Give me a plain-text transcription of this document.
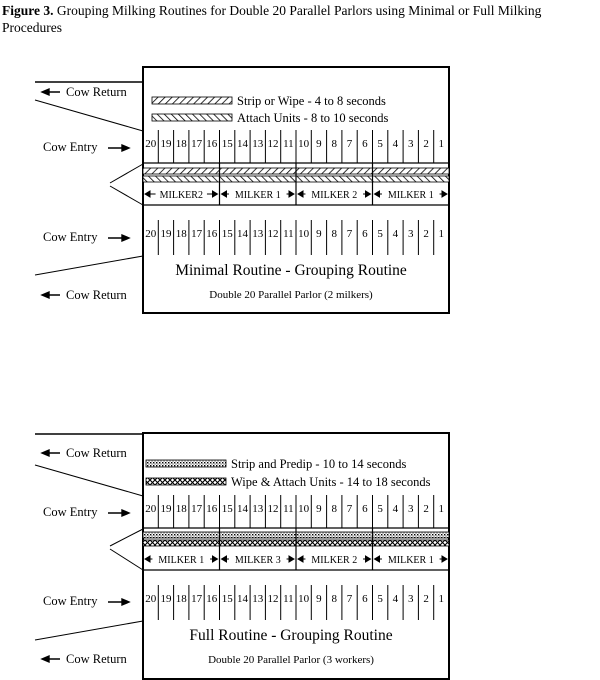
Figure 3. Grouping Milking Routines for Double 20 Parallel Parlors using Minimal or Full Milking Procedures
Cow Return
Strip or Wipe - 4 to 8 seconds
Attach Units - 8 to 10 seconds
Cow Entry	20 19 18 17 16 15 14 13 12 11 10 9 8 7 6 5 4 3 2 1
MILKER2	MILKER 1	MILKER 2	MILKER 1
Cow Entry	20 19 18 17 16 15 14 13 12 11 10 9 8 7 6 5 4 3 2 1
Minimal Routine - Grouping Routine
Double 20 Parallel Parlor (2 milkers)
Cow Return
Cow Return
Strip and Predip - 10 to 14 seconds
Wipe & Attach Units - 14 to 18 seconds
Cow Entry	20 19 18 17 16 15 14 13 12 11 10 9 8 7 6 5 4 3 2 1
MILKER 1	MILKER 3	MILKER 2	MILKER 1
Cow Entry	20 19 18 17 16 15 14 13 12 11 10 9 8 7 6 5 4 3 2 1
Full Routine - Grouping Routine
Double 20 Parallel Parlor (3 workers)
Cow Return
